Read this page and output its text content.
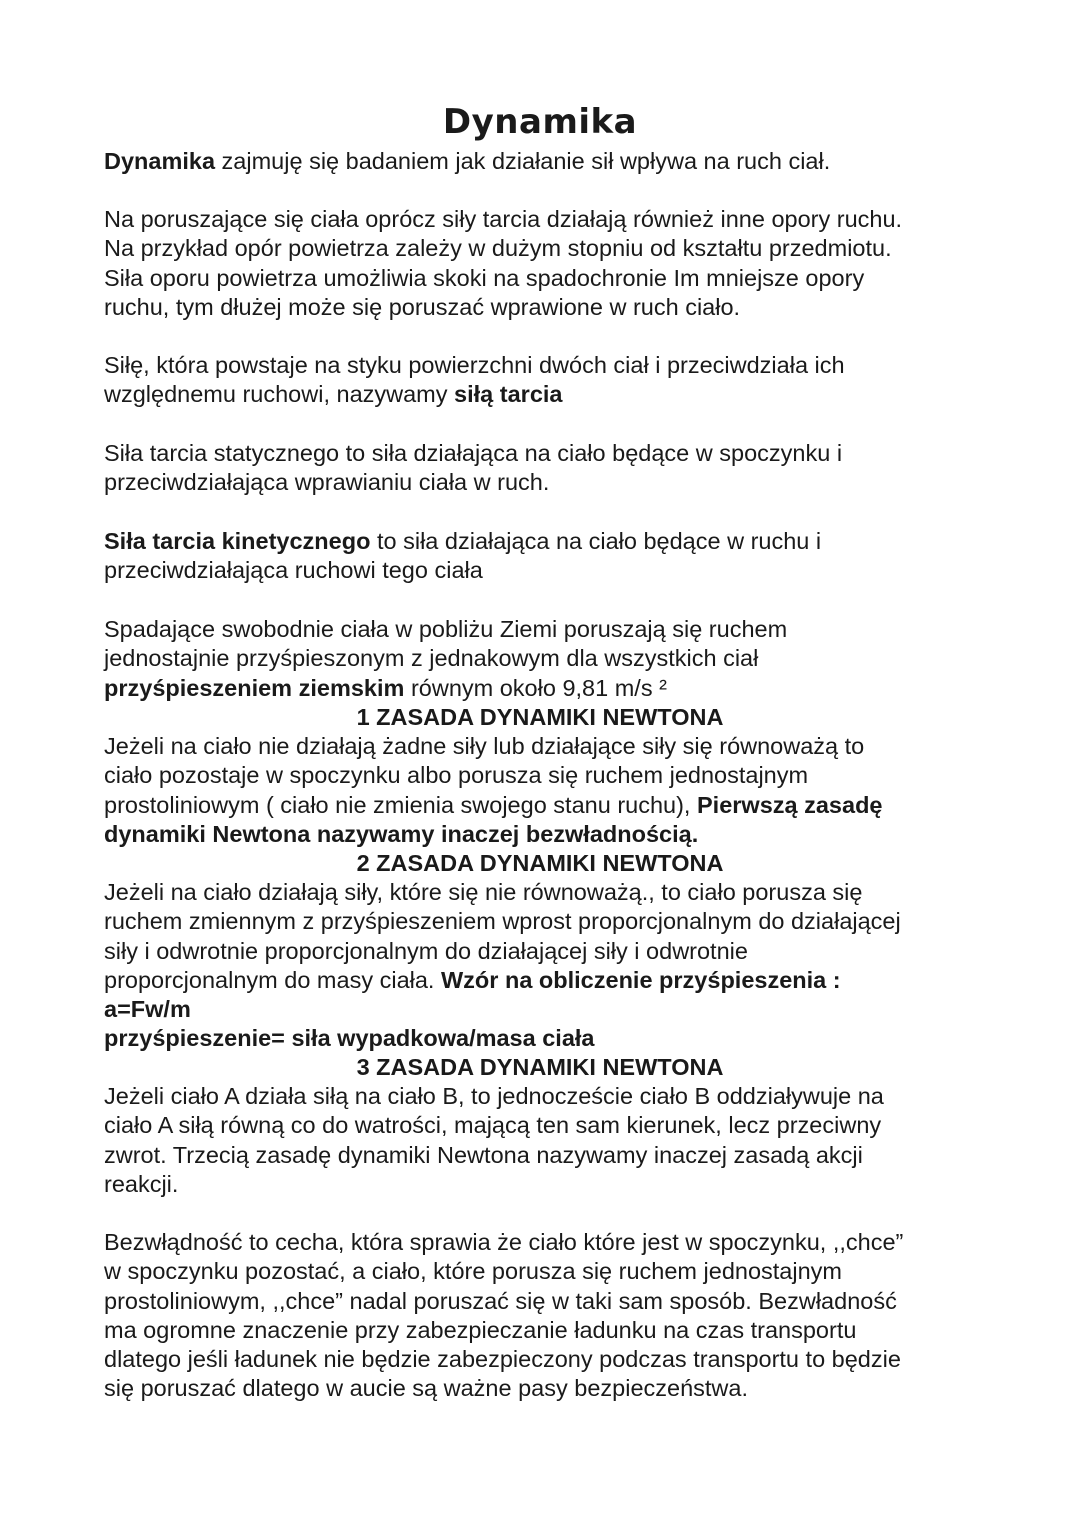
Dynamika
Dynamika zajmuję się badaniem jak działanie sił wpływa na ruch ciał.
Na poruszające się ciała oprócz siły tarcia działają również inne opory ruchu.
Na przykład opór powietrza zależy w dużym stopniu od kształtu przedmiotu.
Siła oporu powietrza umożliwia skoki na spadochronie Im mniejsze opory
ruchu, tym dłużej może się poruszać wprawione w ruch ciało.
Siłę, która powstaje na styku powierzchni dwóch ciał i przeciwdziała ich
względnemu ruchowi, nazywamy siłą tarcia
Siła tarcia statycznego to siła działająca na ciało będące w spoczynku i
przeciwdziałająca wprawianiu ciała w ruch.
Siła tarcia kinetycznego to siła działająca na ciało będące w ruchu i
przeciwdziałająca ruchowi tego ciała
Spadające swobodnie ciała w pobliżu Ziemi poruszają się ruchem
jednostajnie przyśpieszonym z jednakowym dla wszystkich ciał
przyśpieszeniem ziemskim równym około 9,81 m/s ²
1 ZASADA DYNAMIKI NEWTONA
Jeżeli na ciało nie działają żadne siły lub działające siły się równoważą to
ciało pozostaje w spoczynku albo porusza się ruchem jednostajnym
prostoliniowym ( ciało nie zmienia swojego stanu ruchu), Pierwszą zasadę
dynamiki Newtona nazywamy inaczej bezwładnością.
2 ZASADA DYNAMIKI NEWTONA
Jeżeli na ciało działają siły, które się nie równoważą., to ciało porusza się
ruchem zmiennym z przyśpieszeniem wprost proporcjonalnym do działającej
siły i odwrotnie proporcjonalnym do działającej siły i odwrotnie
proporcjonalnym do masy ciała. Wzór na obliczenie przyśpieszenia :
a=Fw/m
przyśpieszenie= siła wypadkowa/masa ciała
3 ZASADA DYNAMIKI NEWTONA
Jeżeli ciało A działa siłą na ciało B, to jednoczeście ciało B oddziaływuje na
ciało A siłą równą co do watrości, mającą ten sam kierunek, lecz przeciwny
zwrot. Trzecią zasadę dynamiki Newtona nazywamy inaczej zasadą akcji
reakcji.
Bezwłądność to cecha, która sprawia że ciało które jest w spoczynku, ,,chce”
w spoczynku pozostać, a ciało, które porusza się ruchem jednostajnym
prostoliniowym, ,,chce” nadal poruszać się w taki sam sposób. Bezwładność
ma ogromne znaczenie przy zabezpieczanie ładunku na czas transportu
dlatego jeśli ładunek nie będzie zabezpieczony podczas transportu to będzie
się poruszać dlatego w aucie są ważne pasy bezpieczeństwa.
